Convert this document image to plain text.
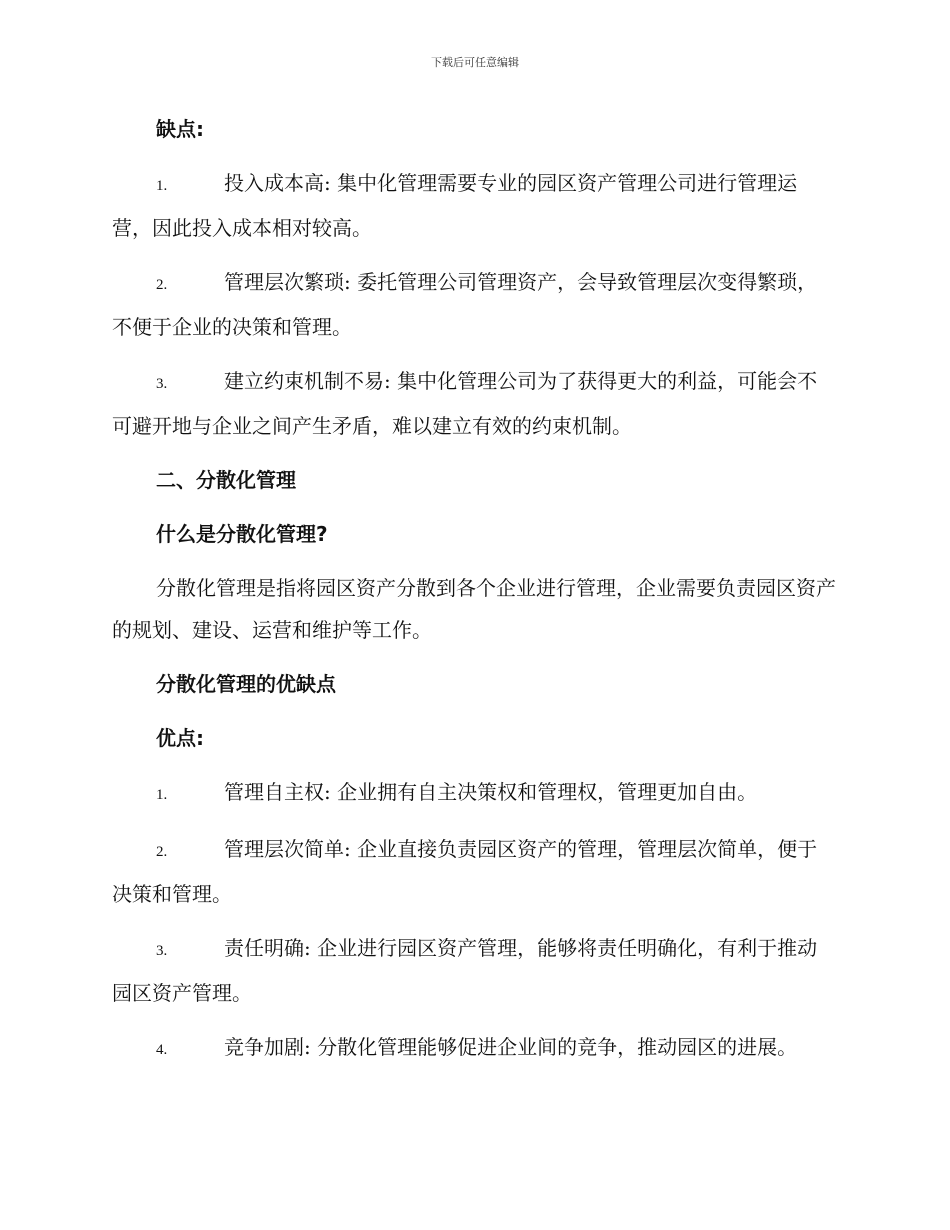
下载后可任意编辑
缺点:
1.	投入成本高: 集中化管理需要专业的园区资产管理公司进行管理运营，因此投入成本相对较高。
2.	管理层次繁琐: 委托管理公司管理资产，会导致管理层次变得繁琐，不便于企业的决策和管理。
3.	建立约束机制不易: 集中化管理公司为了获得更大的利益，可能会不可避开地与企业之间产生矛盾，难以建立有效的约束机制。
二、分散化管理
什么是分散化管理?
分散化管理是指将园区资产分散到各个企业进行管理，企业需要负责园区资产的规划、建设、运营和维护等工作。
分散化管理的优缺点
优点:
1.	管理自主权: 企业拥有自主决策权和管理权，管理更加自由。
2.	管理层次简单: 企业直接负责园区资产的管理，管理层次简单，便于决策和管理。
3.	责任明确: 企业进行园区资产管理，能够将责任明确化，有利于推动园区资产管理。
4.	竞争加剧: 分散化管理能够促进企业间的竞争，推动园区的进展。
